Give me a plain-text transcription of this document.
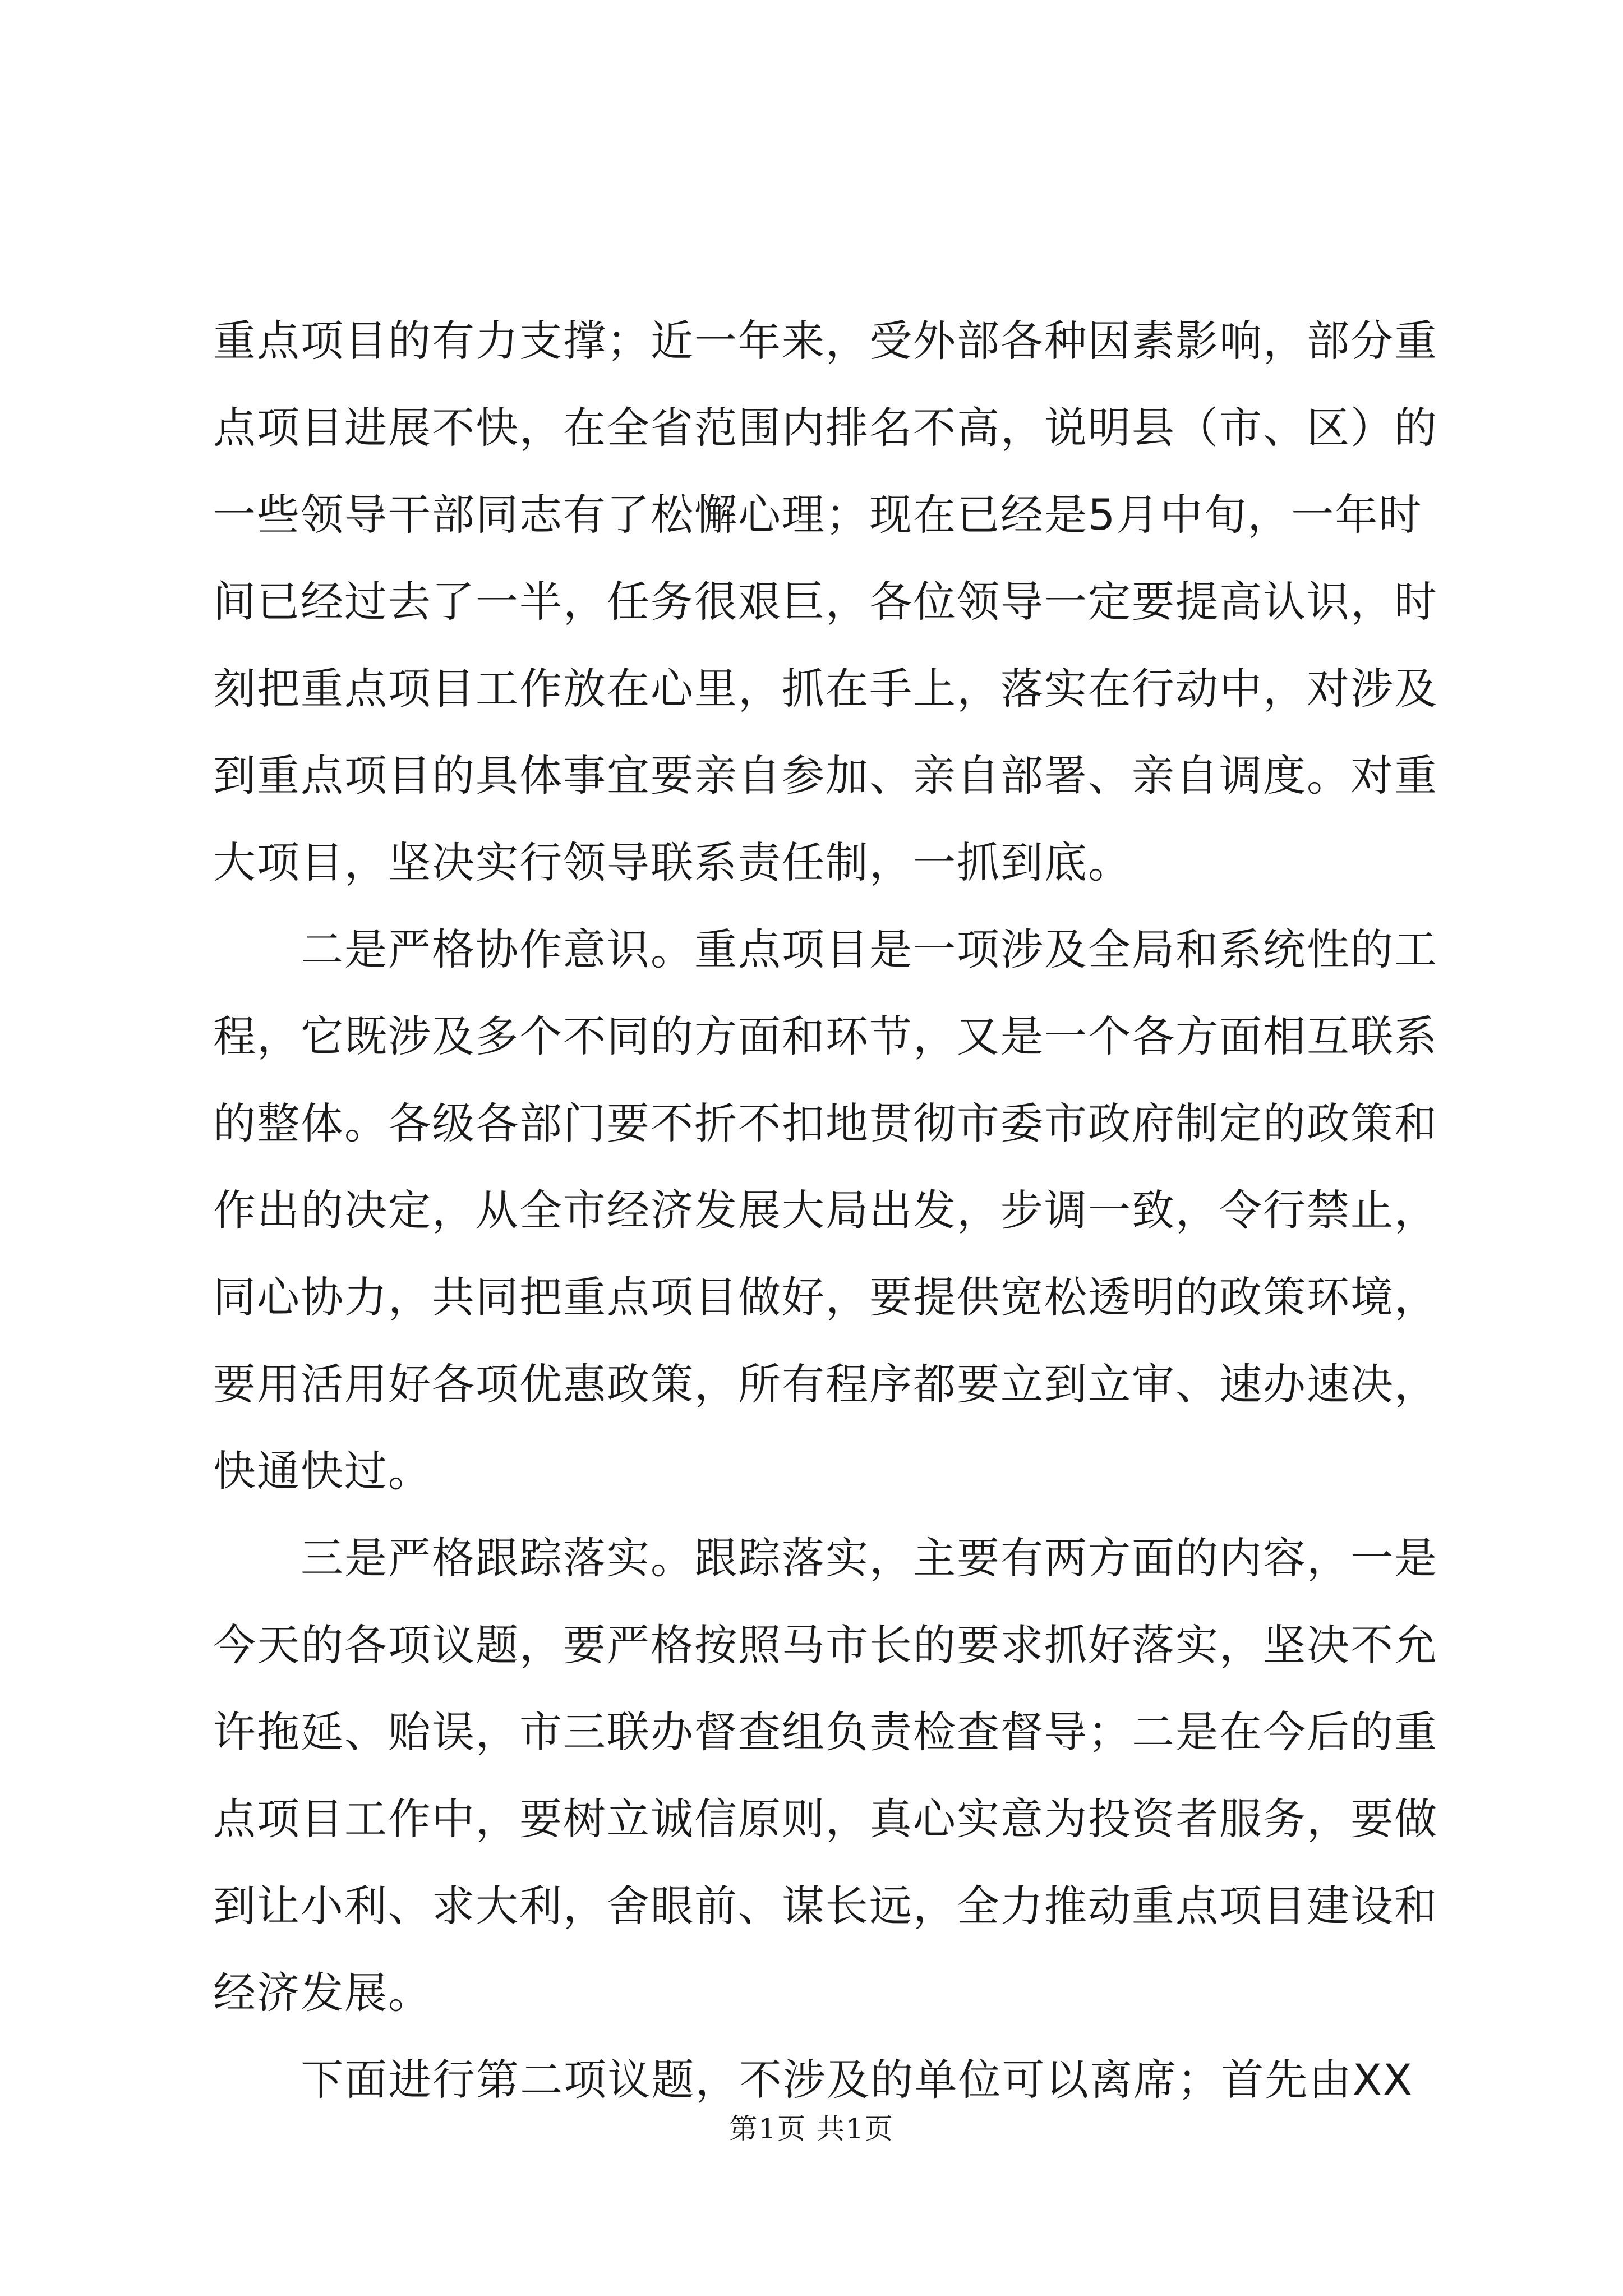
重点项目的有力支撑；近一年来，受外部各种因素影响，部分重
点项目进展不快，在全省范围内排名不高，说明县（市、区）的
一些领导干部同志有了松懈心理；现在已经是5月中旬，一年时
间已经过去了一半，任务很艰巨，各位领导一定要提高认识，时
刻把重点项目工作放在心里，抓在手上，落实在行动中，对涉及
到重点项目的具体事宜要亲自参加、亲自部署、亲自调度。对重
大项目，坚决实行领导联系责任制，一抓到底。
　　二是严格协作意识。重点项目是一项涉及全局和系统性的工
程，它既涉及多个不同的方面和环节，又是一个各方面相互联系
的整体。各级各部门要不折不扣地贯彻市委市政府制定的政策和
作出的决定，从全市经济发展大局出发，步调一致，令行禁止，
同心协力，共同把重点项目做好，要提供宽松透明的政策环境，
要用活用好各项优惠政策，所有程序都要立到立审、速办速决，
快通快过。
　　三是严格跟踪落实。跟踪落实，主要有两方面的内容，一是
今天的各项议题，要严格按照马市长的要求抓好落实，坚决不允
许拖延、贻误，市三联办督查组负责检查督导；二是在今后的重
点项目工作中，要树立诚信原则，真心实意为投资者服务，要做
到让小利、求大利，舍眼前、谋长远，全力推动重点项目建设和
经济发展。
　　下面进行第二项议题，不涉及的单位可以离席；首先由XX
第1页 共1页
